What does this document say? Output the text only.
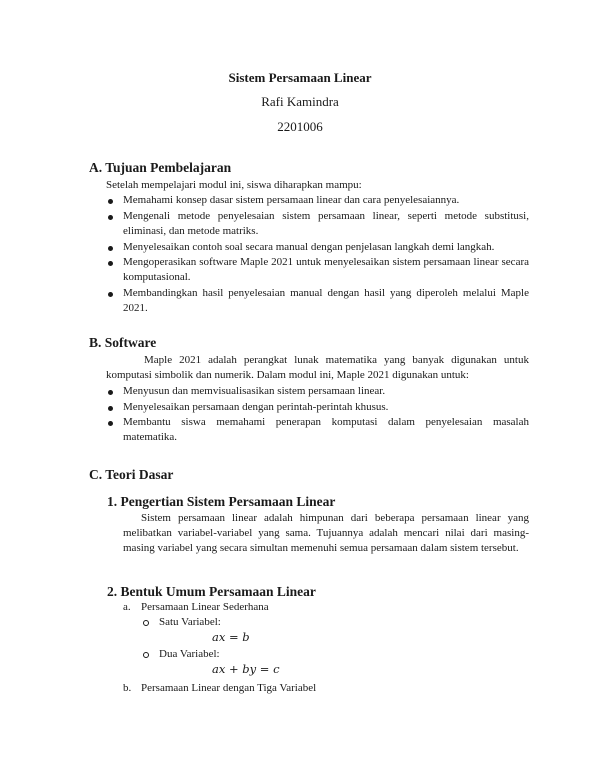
Sistem Persamaan Linear
Rafi Kamindra
2201006
A. Tujuan Pembelajaran
Setelah mempelajari modul ini, siswa diharapkan mampu:
Memahami konsep dasar sistem persamaan linear dan cara penyelesaiannya.
Mengenali metode penyelesaian sistem persamaan linear, seperti metode substitusi, eliminasi, dan metode matriks.
Menyelesaikan contoh soal secara manual dengan penjelasan langkah demi langkah.
Mengoperasikan software Maple 2021 untuk menyelesaikan sistem persamaan linear secara komputasional.
Membandingkan hasil penyelesaian manual dengan hasil yang diperoleh melalui Maple 2021.
B. Software
Maple 2021 adalah perangkat lunak matematika yang banyak digunakan untuk komputasi simbolik dan numerik. Dalam modul ini, Maple 2021 digunakan untuk:
Menyusun dan memvisualisasikan sistem persamaan linear.
Menyelesaikan persamaan dengan perintah-perintah khusus.
Membantu siswa memahami penerapan komputasi dalam penyelesaian masalah matematika.
C. Teori Dasar
1. Pengertian Sistem Persamaan Linear
Sistem persamaan linear adalah himpunan dari beberapa persamaan linear yang melibatkan variabel-variabel yang sama. Tujuannya adalah mencari nilai dari masing-masing variabel yang secara simultan memenuhi semua persamaan dalam sistem tersebut.
2. Bentuk Umum Persamaan Linear
a. Persamaan Linear Sederhana
Satu Variabel:
ax = b
Dua Variabel:
ax + by = c
b. Persamaan Linear dengan Tiga Variabel
